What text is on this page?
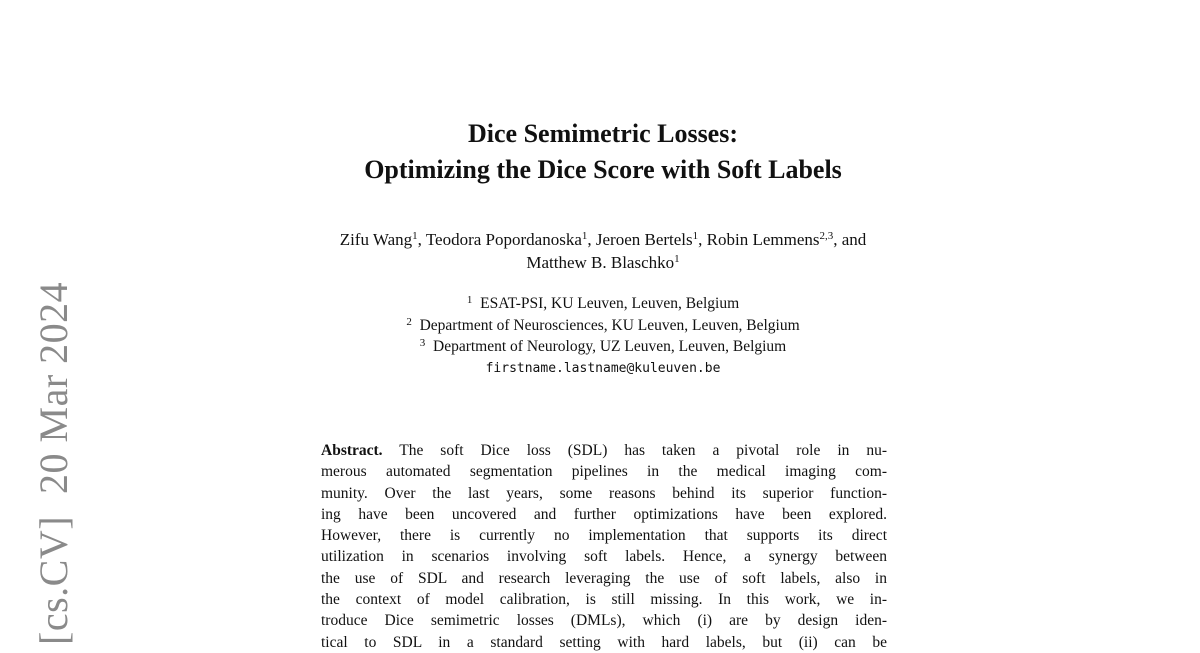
[cs.CV]20 Mar 2024
Dice Semimetric Losses:
Optimizing the Dice Score with Soft Labels
Zifu Wang$^1$, Teodora Popordanoska$^1$, Jeroen Bertels$^1$, Robin Lemmens$^{2,3}$, and
Matthew B. Blaschko$^1$
$^1$ ESAT-PSI, KU Leuven, Leuven, Belgium
$^2$ Department of Neurosciences, KU Leuven, Leuven, Belgium
$^3$ Department of Neurology, UZ Leuven, Leuven, Belgium
firstname.lastname@kuleuven.be
Abstract. The soft Dice loss (SDL) has taken a pivotal role in nu-
merous automated segmentation pipelines in the medical imaging com-
munity. Over the last years, some reasons behind its superior function-
ing have been uncovered and further optimizations have been explored.
However, there is currently no implementation that supports its direct
utilization in scenarios involving soft labels. Hence, a synergy between
the use of SDL and research leveraging the use of soft labels, also in
the context of model calibration, is still missing. In this work, we in-
troduce Dice semimetric losses (DMLs), which (i) are by design iden-
tical to SDL in a standard setting with hard labels, but (ii) can be
